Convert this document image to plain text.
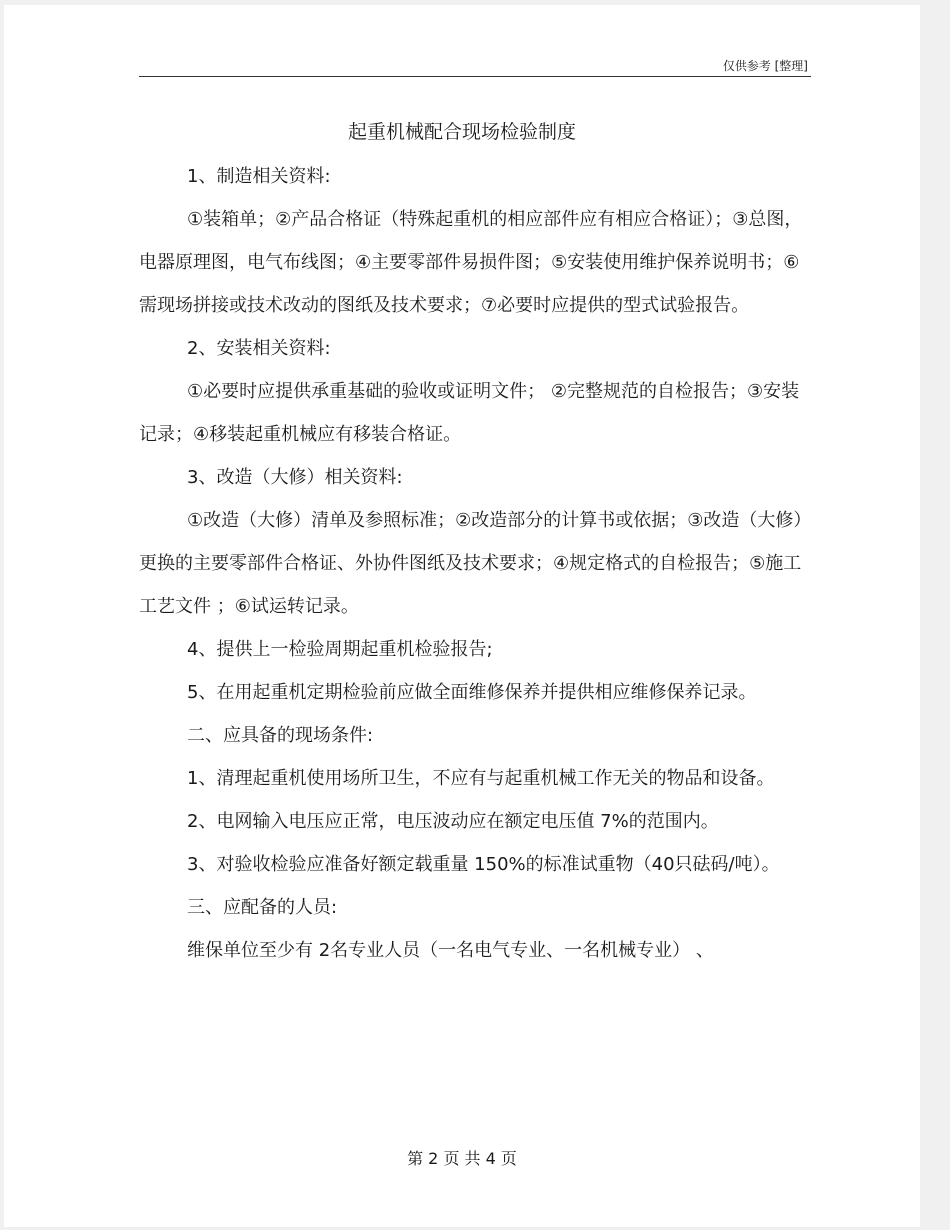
仅供参考 [整理]
起重机械配合现场检验制度

1、制造相关资料:

①装箱单；②产品合格证（特殊起重机的相应部件应有相应合格证）；③总图，电器原理图，电气布线图；④主要零部件易损件图；⑤安装使用维护保养说明书；⑥需现场拼接或技术改动的图纸及技术要求；⑦必要时应提供的型式试验报告。

2、安装相关资料:

①必要时应提供承重基础的验收或证明文件； ②完整规范的自检报告；③安装记录；④移装起重机械应有移装合格证。

3、改造（大修）相关资料:

①改造（大修）清单及参照标准；②改造部分的计算书或依据；③改造（大修）更换的主要零部件合格证、外协件图纸及技术要求；④规定格式的自检报告；⑤施工工艺文件 ；⑥试运转记录。

4、提供上一检验周期起重机检验报告;

5、在用起重机定期检验前应做全面维修保养并提供相应维修保养记录。

二、应具备的现场条件:

1、清理起重机使用场所卫生，不应有与起重机械工作无关的物品和设备。

2、电网输入电压应正常，电压波动应在额定电压值 7%的范围内。

3、对验收检验应准备好额定载重量 150%的标准试重物（40只砝码/吨）。

三、应配备的人员:

维保单位至少有 2名专业人员（一名电气专业、一名机械专业） 、

第 2 页 共 4 页
